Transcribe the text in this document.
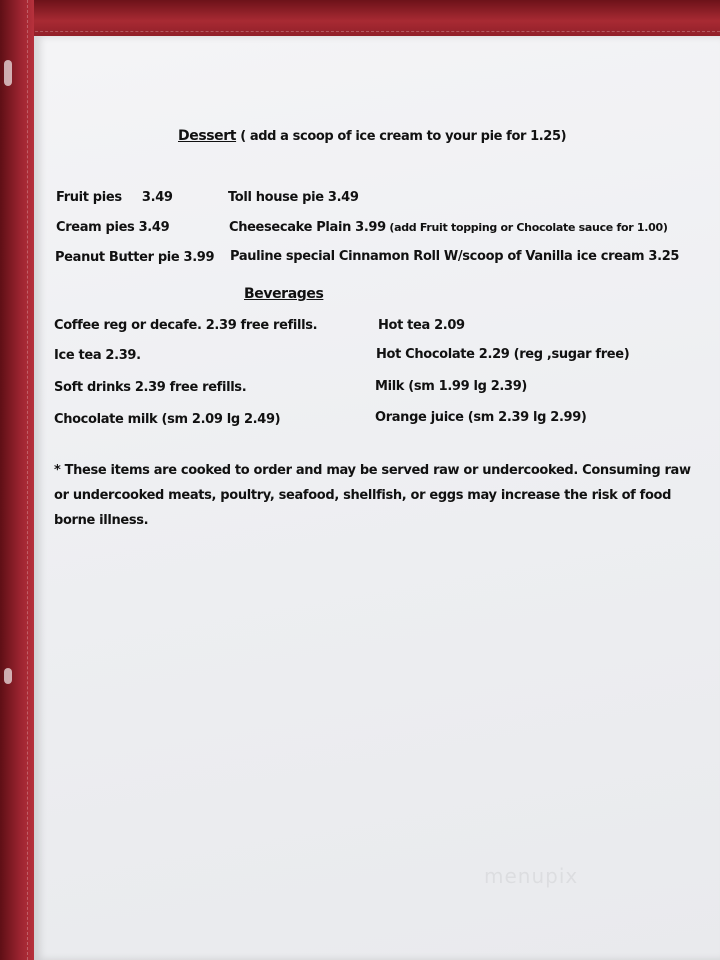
Dessert ( add a scoop of ice cream to your pie for 1.25)
Fruit pies 3.49	Toll house pie 3.49
Cream pies 3.49	Cheesecake Plain 3.99 (add Fruit topping or Chocolate sauce for 1.00)
Peanut Butter pie 3.99 Pauline special Cinnamon Roll W/scoop of Vanilla ice cream 3.25
Beverages
Coffee reg or decafe. 2.39 free refills.	Hot tea 2.09
Ice tea 2.39.	Hot Chocolate 2.29 (reg ,sugar free)
Soft drinks 2.39 free refills.	Milk (sm 1.99 lg 2.39)
Chocolate milk (sm 2.09 lg 2.49)	Orange juice (sm 2.39 lg 2.99)
* These items are cooked to order and may be served raw or undercooked. Consuming raw or undercooked meats, poultry, seafood, shellfish, or eggs may increase the risk of food borne illness.
menupix
